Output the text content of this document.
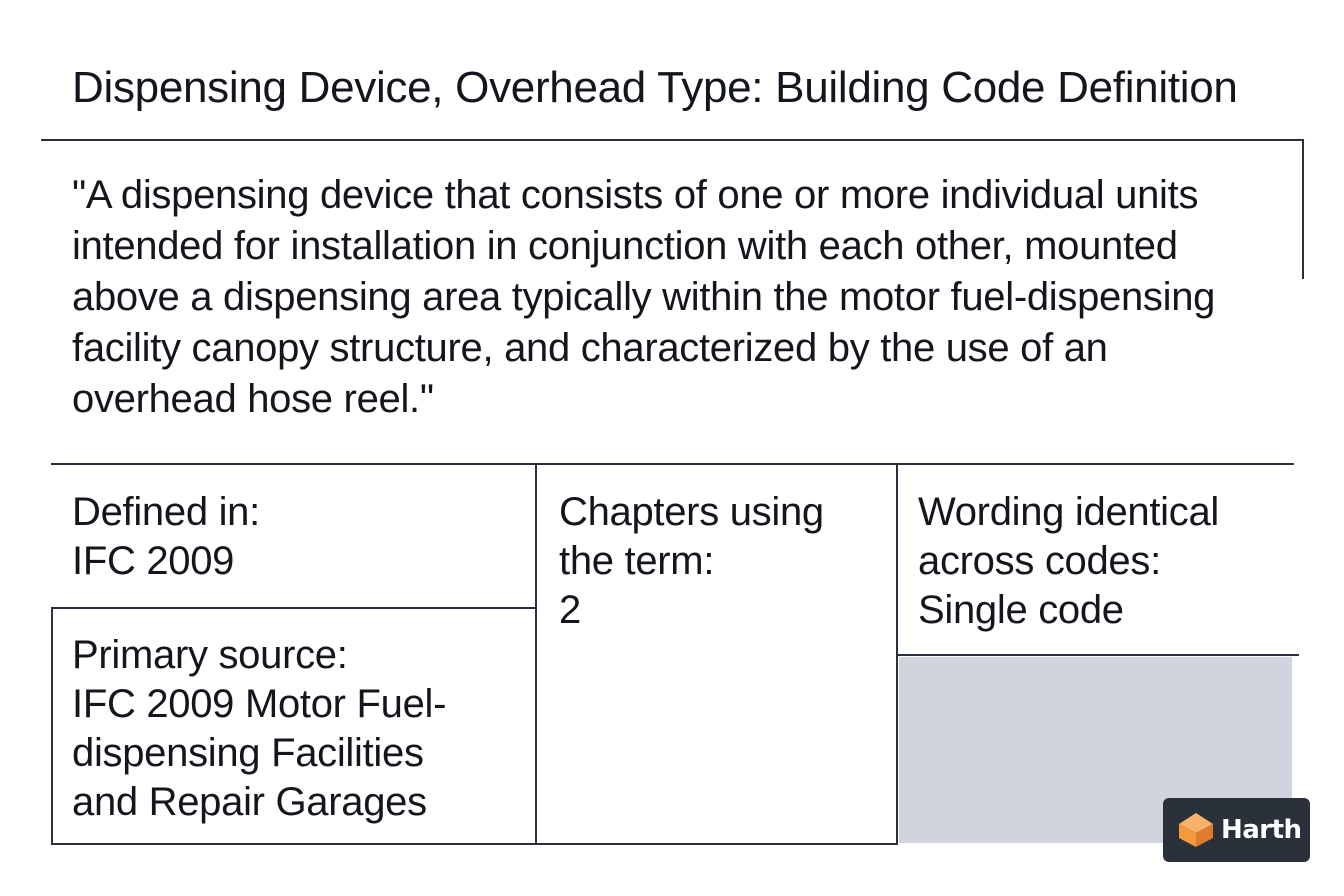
Dispensing Device, Overhead Type: Building Code Definition
"A dispensing device that consists of one or more individual units
intended for installation in conjunction with each other, mounted
above a dispensing area typically within the motor fuel-dispensing
facility canopy structure, and characterized by the use of an
overhead hose reel."
Defined in:
IFC 2009
Primary source:
IFC 2009 Motor Fuel-
dispensing Facilities
and Repair Garages
Chapters using
the term:
2
Wording identical
across codes:
Single code
Harth
